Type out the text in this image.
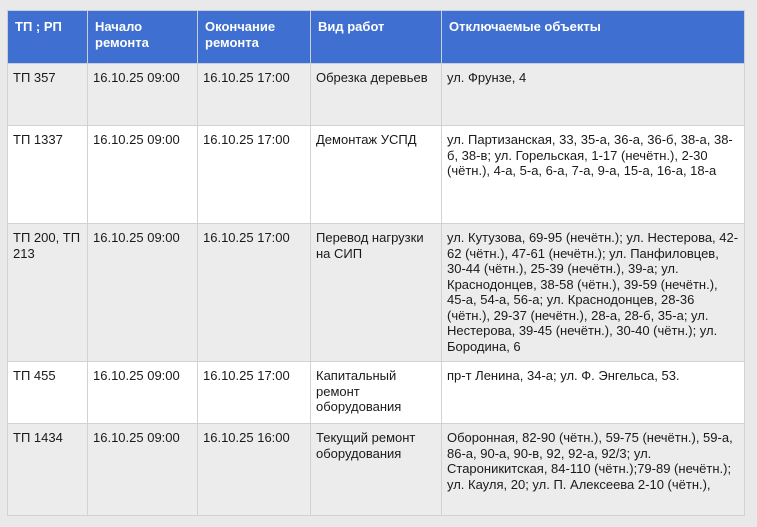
ТП ; РП	Начало ремонта	Окончание ремонта	Вид работ	Отключаемые объекты
ТП 357	16.10.25 09:00	16.10.25 17:00	Обрезка деревьев	ул. Фрунзе, 4
ТП 1337	16.10.25 09:00	16.10.25 17:00	Демонтаж УСПД	ул. Партизанская, 33, 35-а, 36-а, 36-б, 38-а, 38-б, 38-в; ул. Горельская, 1-17 (нечётн.), 2-30 (чётн.), 4-а, 5-а, 6-а, 7-а, 9-а, 15-а, 16-а, 18-а
ТП 200, ТП 213	16.10.25 09:00	16.10.25 17:00	Перевод нагрузки на СИП	ул. Кутузова, 69-95 (нечётн.); ул. Нестерова, 42-62 (чётн.), 47-61 (нечётн.); ул. Панфиловцев, 30-44 (чётн.), 25-39 (нечётн.), 39-а; ул. Краснодонцев, 38-58 (чётн.), 39-59 (нечётн.), 45-а, 54-а, 56-а; ул. Краснодонцев, 28-36 (чётн.), 29-37 (нечётн.), 28-а, 28-б, 35-а; ул. Нестерова, 39-45 (нечётн.), 30-40 (чётн.); ул. Бородина, 6
ТП 455	16.10.25 09:00	16.10.25 17:00	Капитальный ремонт оборудования	пр-т Ленина, 34-а; ул. Ф. Энгельса, 53.
ТП 1434	16.10.25 09:00	16.10.25 16:00	Текущий ремонт оборудования	Оборонная, 82-90 (чётн.), 59-75 (нечётн.), 59-а, 86-а, 90-а, 90-в, 92, 92-а, 92/3; ул. Староникитская, 84-110 (чётн.);79-89 (нечётн.); ул. Кауля, 20; ул. П. Алексеева 2-10 (чётн.),
